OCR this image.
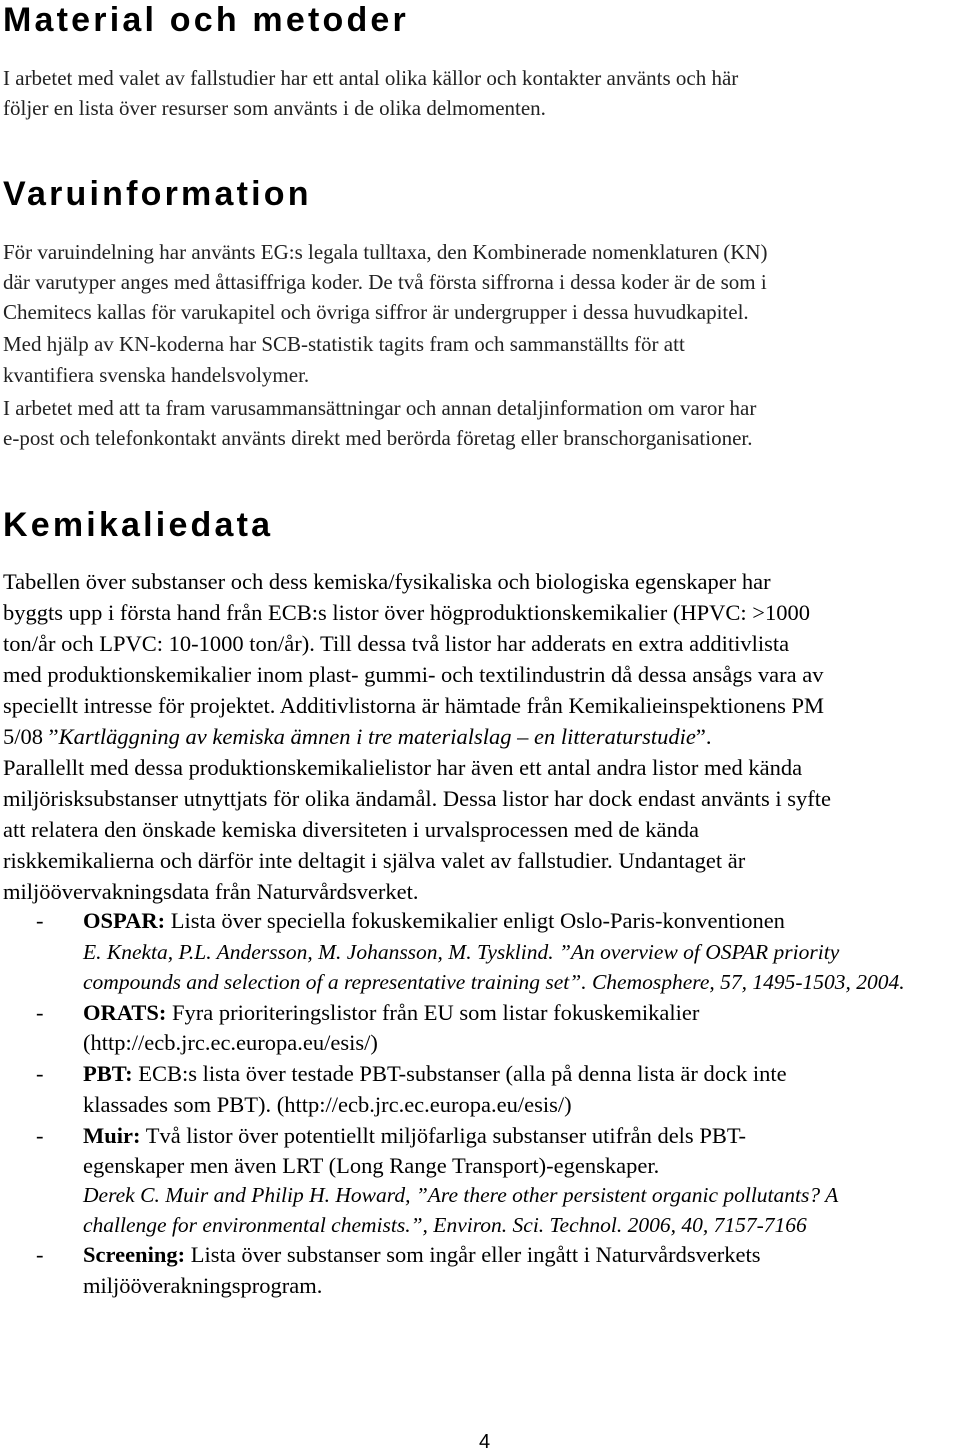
Material och metoder

I arbetet med valet av fallstudier har ett antal olika källor och kontakter använts och här

följer en lista över resurser som använts i de olika delmomenten.

Varuinformation

För varuindelning har använts EG:s legala tulltaxa, den Kombinerade nomenklaturen (KN)

där varutyper anges med åttasiffriga koder. De två första siffrorna i dessa koder är de som i

Chemitecs kallas för varukapitel och övriga siffror är undergrupper i dessa huvudkapitel.

Med hjälp av KN-koderna har SCB-statistik tagits fram och sammanställts för att

kvantifiera svenska handelsvolymer.

I arbetet med att ta fram varusammansättningar och annan detaljinformation om varor har

e-post och telefonkontakt använts direkt med berörda företag eller branschorganisationer.

Kemikaliedata

Tabellen över substanser och dess kemiska/fysikaliska och biologiska egenskaper har

byggts upp i första hand från ECB:s listor över högproduktionskemikalier (HPVC: >1000

ton/år och LPVC: 10-1000 ton/år). Till dessa två listor har adderats en extra additivlista

med produktionskemikalier inom plast- gummi- och textilindustrin då dessa ansågs vara av

speciellt intresse för projektet. Additivlistorna är hämtade från Kemikalieinspektionens PM

5/08 ”Kartläggning av kemiska ämnen i tre materialslag – en litteraturstudie”.

Parallellt med dessa produktionskemikalielistor har även ett antal andra listor med kända

miljörisksubstanser utnyttjats för olika ändamål. Dessa listor har dock endast använts i syfte

att relatera den önskade kemiska diversiteten i urvalsprocessen med de kända

riskkemikalierna och därför inte deltagit i själva valet av fallstudier. Undantaget är

miljöövervakningsdata från Naturvårdsverket.

- OSPAR: Lista över speciella fokuskemikalier enligt Oslo-Paris-konventionen

E. Knekta, P.L. Andersson, M. Johansson, M. Tysklind. ”An overview of OSPAR priority

compounds and selection of a representative training set”. Chemosphere, 57, 1495-1503, 2004.

- ORATS: Fyra prioriteringslistor från EU som listar fokuskemikalier

(http://ecb.jrc.ec.europa.eu/esis/)

- PBT: ECB:s lista över testade PBT-substanser (alla på denna lista är dock inte

klassades som PBT). (http://ecb.jrc.ec.europa.eu/esis/)

- Muir: Två listor över potentiellt miljöfarliga substanser utifrån dels PBT-

egenskaper men även LRT (Long Range Transport)-egenskaper.

Derek C. Muir and Philip H. Howard, ”Are there other persistent organic pollutants? A

challenge for environmental chemists.”, Environ. Sci. Technol. 2006, 40, 7157-7166

- Screening: Lista över substanser som ingår eller ingått i Naturvårdsverkets

miljööverakningsprogram.

4
